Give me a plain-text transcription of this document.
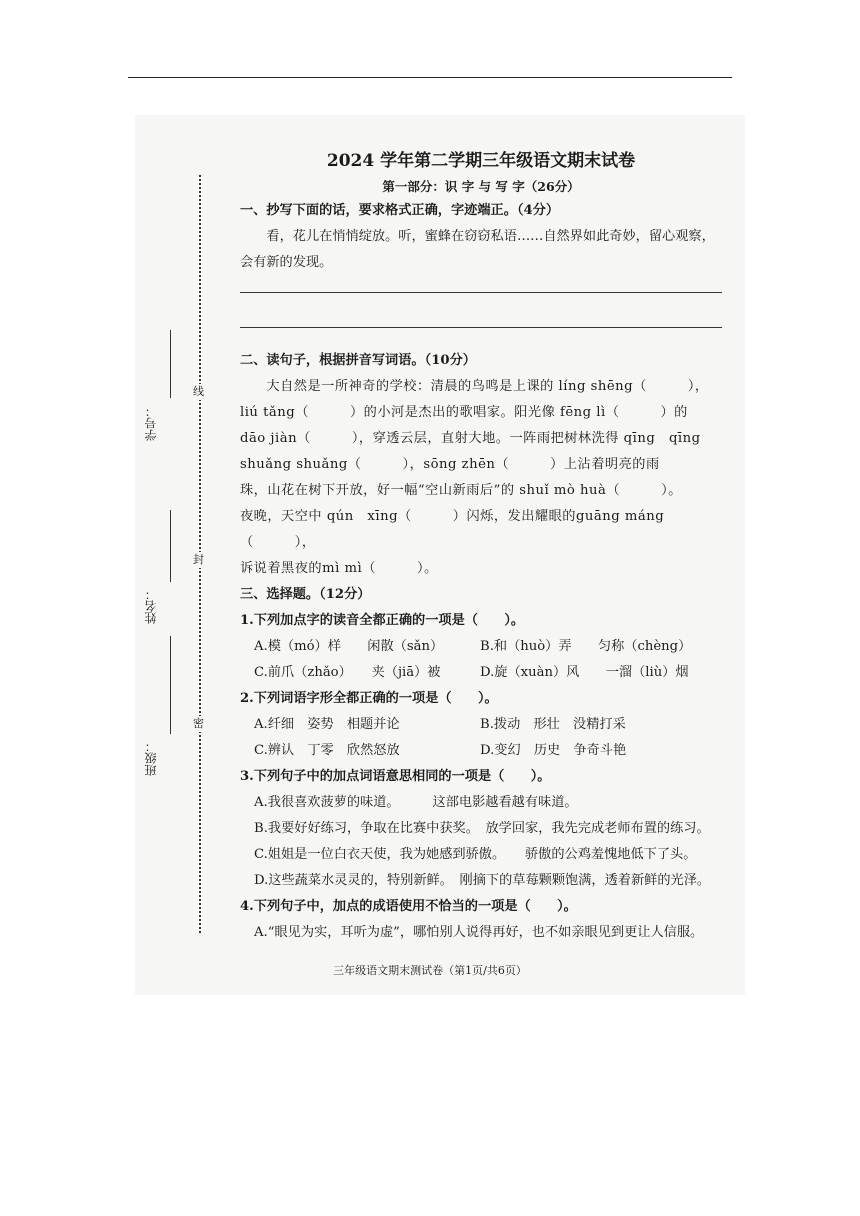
线
封
密
学号：
姓名：
班级：
2024 学年第二学期三年级语文期末试卷
第一部分：识 字 与 写 字（26分）
一、抄写下面的话，要求格式正确，字迹端正。（4分）
看，花儿在悄悄绽放。听，蜜蜂在窃窃私语……自然界如此奇妙，留心观察，
会有新的发现。
二、读句子，根据拼音写词语。（10分）
大自然是一所神奇的学校：清晨的鸟鸣是上课的 líng shēng（　　　），
liú tǎng（　　　）的小河是杰出的歌唱家。阳光像 fēng lì（　　　）的
dāo jiàn（　　　），穿透云层，直射大地。一阵雨把树林洗得 qīng　qīng
shuǎng shuǎng（　　　），sōng zhēn（　　　）上沾着明亮的雨
珠，山花在树下开放，好一幅“空山新雨后”的 shuǐ mò huà（　　　）。
夜晚，天空中 qún　xīng（　　　）闪烁，发出耀眼的guāng máng（　　　），
诉说着黑夜的mì mì（　　　）。
三、选择题。（12分）
1.下列加点字的读音全都正确的一项是（　　）。
A.模（mó）样　　闲散（sǎn）	B.和（huò）弄　　匀称（chèng）
C.前爪（zhǎo）　　夹（jiā）被	D.旋（xuàn）风　　一溜（liù）烟
2.下列词语字形全都正确的一项是（　　）。
A.纤细　姿势　相题并论	B.拨动　形壮　没精打采
C.辨认　丁零　欣然怒放	D.变幻　历史　争奇斗艳
3.下列句子中的加点词语意思相同的一项是（　　）。
A.我很喜欢菠萝的味道。　　　这部电影越看越有味道。
B.我要好好练习，争取在比赛中获奖。　放学回家，我先完成老师布置的练习。
C.姐姐是一位白衣天使，我为她感到骄傲。　　骄傲的公鸡羞愧地低下了头。
D.这些蔬菜水灵灵的，特别新鲜。　刚摘下的草莓颗颗饱满，透着新鲜的光泽。
4.下列句子中，加点的成语使用不恰当的一项是（　　）。
A.“眼见为实，耳听为虚”，哪怕别人说得再好，也不如亲眼见到更让人信服。
三年级语文期末测试卷（第1页/共6页）
